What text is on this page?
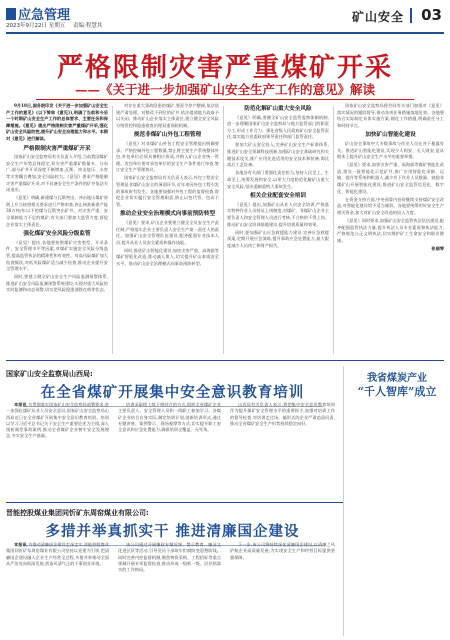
应急管理
2023年9月22日 星期五 责编:程慧其
矿山安全 03
严格限制灾害严重煤矿开采
——《关于进一步加强矿山安全生产工作的意见》解读

9月18日,国务院印发《关于进一步加强矿山安全生产工作的意见》(以下简称《意见》),明确了当前和今后一个时期矿山安全生产工作的总体要求、主要任务和保障措施。《意见》提出严格限制灾害严重煤矿开采,强化矿山安全风险防控,提升矿山安全治理能力和水平。本期对《意见》进行解读。

严格限制灾害严重煤矿开采

国家矿山安全监察局有关负责人介绍,当前我国煤矿安全生产形势总体稳定,但灾害严重煤矿数量多、分布广,部分矿井开采深度不断增加,瓦斯、冲击地压、水害等灾害耦合叠加,安全风险较大。《意见》要求严格限制灾害严重煤矿开采,对不具备安全生产条件的矿井依法关闭退出。

《意见》明确,新建煤与瓦斯突出、冲击地压煤矿原则上应当按照相关要求进行严格审查,停止核准新建产能30万吨/年以下的煤与瓦斯突出矿井。对灾害严重、安全保障能力不足的煤矿,有关部门要加大监管力度,督促企业落实主体责任。

强化煤矿安全风险分级监管

《意见》提出,各地要按照煤矿灾害类型、开采条件、安全管理水平等因素,对煤矿实施安全风险分级监管,提高监管执法的精准性和有效性。对高风险煤矿加大检查频次,对低风险煤矿适当减少检查,推动企业提升安全管理水平。

同时,要建立健全矿山安全生产风险监测预警体系,推进矿山安全风险监测预警系统建设,实现对重大风险的实时监测和动态预警,切实把风险隐患消除在萌芽状态。

对存在重大事故隐患的煤矿,要责令停产整顿,依法依规严肃处理。对整改不到位的矿井,依法提请地方政府予以关闭。推动矿山企业落实主体责任,建立健全安全风险分级管控和隐患排查治理双重预防机制。

规范非煤矿山外包工程管理

《意见》对非煤矿山外包工程安全管理提出明确要求。严格控制外包工程数量,禁止将主要生产系统整体外包,外包单位必须具备相应资质,并纳入矿山企业统一管理。发包单位要对承包单位的安全生产条件进行审查,签订安全生产管理协议。

国家矿山安全监察局有关负责人表示,外包工程安全管理是非煤矿山安全的薄弱环节,近年来因外包工程引发的事故时有发生。各地要加强对外包工程的监督检查,督促企业切实履行安全管理职责,防止以包代管、包而不管。

推动企业安全治理模式向事前预防转型

《意见》要求,矿山企业要建立健全全员安全生产责任制,严格落实企业主要负责人安全生产第一责任人的责任。加强矿山安全管理队伍建设,配齐配强专业技术人员,提升从业人员安全素质和操作技能。

同时,推进矿山智能化建设,加快灾害严重、高海拔等煤矿智能化改造,推动减人换人,切实提升矿山本质安全水平。推动矿山安全治理模式向事前预防转型。

防范化解矿山重大安全风险

《意见》明确,要健全矿山安全监管监察体制机制,进一步理顺国家矿山安全监察局与地方监管部门的职责分工,形成工作合力。强化省级人民政府矿山安全监管责任,落实地方党委政府领导责任和部门监管责任。

要加大矿山安全投入,完善矿山安全生产标准体系,推进矿山安全领域科技创新,加强矿山安全基础研究和关键技术攻关,推广应用先进适用的安全技术和装备,淘汰落后工艺设备。

各地各有关部门要强化责任担当,坚持人民至上、生命至上,统筹发展和安全,以更大力度防范化解矿山重大安全风险,坚决遏制重特大事故发生。

相关企业配套安全培训

《意见》提出,加强矿山从业人员安全培训,严格落实特种作业人员持证上岗制度,对煤矿、非煤矿山企业主要负责人和安全管理人员进行考核,不合格的不得上岗。推动矿山安全培训基地建设,提升培训质量和效果。

同时,要加强矿山应急救援能力建设,完善应急救援预案,定期开展应急演练,提升事故应急处置能力,最大限度减少人员伤亡和财产损失。

国家矿山安全监察局将会同有关部门加强对《意见》落实情况的跟踪督导,推动各项任务措施落地见效。各地要结合实际制定具体实施方案,细化工作措施,明确责任分工和时间节点。

加快矿山智能化建设

矿山安全事故中大多数事故与作业人员在井下暴露有关。推进矿山智能化建设,实现少人则安、无人则安,是从根本上提升矿山安全生产水平的重要举措。

《意见》要求,加快灾害严重、高海拔等煤矿智能化改造,建设一批智能化示范矿井,推广应用智能化采掘、运输、提升等系统和机器人,减少井下作业人员数量。鼓励非煤矿山开展智能化建设,推进矿山安全监管信息化、数字化、智能化建设。

在资金支持方面,中央预算内投资继续支持煤矿安全改造,对智能化建设给予适当倾斜。各地要统筹用好安全生产相关资金,加大对矿山安全改造的投入力度。

《意见》同时要求,加强矿山安全监管执法队伍建设,配齐配强监管执法力量,提升执法人员专业素质和执法能力,严格规范公正文明执法,切实维护矿工生命安全和职业健康。

张丽琴

国家矿山安全监察局山西局:
在全省煤矿开展集中安全意识教育培训

本报讯 为贯彻落实国家矿山安全监察局部署要求,进一步强化煤矿从业人员安全意识,国家矿山安全监察局山西局近日在全省煤矿开展集中安全意识教育培训。培训以学习习近平总书记关于安全生产重要论述为主线,深入剖析典型事故案例,推动全省煤矿企业树牢安全发展理念,夯实安全生产基础。

培训采取线上线下相结合的方式,组织全省煤矿企业主要负责人、安全管理人员和一线职工参加学习。各煤矿企业结合自身实际,制定培训计划,创新培训形式,通过专题讲座、案例警示、现场观摩等方式,切实提升职工安全意识和应急处置能力,确保培训全覆盖、无死角。

山西局有关负责人表示,将把集中安全意识教育培训作为提升煤矿安全管理水平的重要抓手,加强对培训工作的督导检查,对培训走过场、搞形式的企业严肃追责问责,推动全省煤矿安全生产形势持续稳定向好。

我省煤炭产业
“千人智库”成立
晋能控股煤业集团同忻矿东周窑煤业有限公司:
多措并举真抓实干 推进清廉国企建设

本报讯 为推动清廉国企建设走深走实,晋能控股煤业集团同忻矿东周窑煤业有限公司坚持以党建为引领,把清廉国企建设融入企业生产经营全过程,多措并举推动全面从严治党向纵深发展,营造风清气正的干事创业环境。

该公司通过开展廉政专题党课、警示教育、廉洁文化进区队等活动,引导党员干部筑牢拒腐防变思想防线。同时完善内控监督机制,聚焦物资采购、工程招标等重点领域开展专项监督检查,推动形成一级抓一级、层层抓落实的工作格局。

下一步,该公司将持续深化清廉国企建设,以清廉之风护航企业高质量发展,为实现安全生产和经营目标提供坚强保障。
